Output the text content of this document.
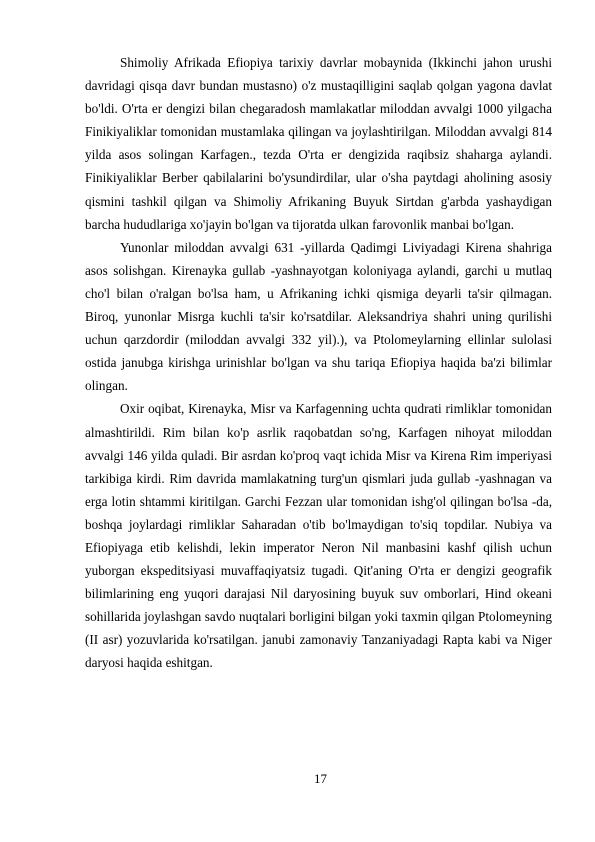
Shimoliy Afrikada Efiopiya tarixiy davrlar mobaynida (Ikkinchi jahon urushi davridagi qisqa davr bundan mustasno) o'z mustaqilligini saqlab qolgan yagona davlat bo'ldi. O'rta er dengizi bilan chegaradosh mamlakatlar miloddan avvalgi 1000 yilgacha Finikiyaliklar tomonidan mustamlaka qilingan va joylashtirilgan. Miloddan avvalgi 814 yilda asos solingan Karfagen., tezda O'rta er dengizida raqibsiz shaharga aylandi. Finikiyaliklar Berber qabilalarini bo'ysundirdilar, ular o'sha paytdagi aholining asosiy qismini tashkil qilgan va Shimoliy Afrikaning Buyuk Sirtdan g'arbda yashaydigan barcha hududlariga xo'jayin bo'lgan va tijoratda ulkan farovonlik manbai bo'lgan.

Yunonlar miloddan avvalgi 631 -yillarda Qadimgi Liviyadagi Kirena shahriga asos solishgan. Kirenayka gullab -yashnayotgan koloniyaga aylandi, garchi u mutlaq cho'l bilan o'ralgan bo'lsa ham, u Afrikaning ichki qismiga deyarli ta'sir qilmagan. Biroq, yunonlar Misrga kuchli ta'sir ko'rsatdilar. Aleksandriya shahri uning qurilishi uchun qarzdordir (miloddan avvalgi 332 yil).), va Ptolomeylarning ellinlar sulolasi ostida janubga kirishga urinishlar bo'lgan va shu tariqa Efiopiya haqida ba'zi bilimlar olingan.

Oxir oqibat, Kirenayka, Misr va Karfagenning uchta qudrati rimliklar tomonidan almashtirildi. Rim bilan ko'p asrlik raqobatdan so'ng, Karfagen nihoyat miloddan avvalgi 146 yilda quladi. Bir asrdan ko'proq vaqt ichida Misr va Kirena Rim imperiyasi tarkibiga kirdi. Rim davrida mamlakatning turg'un qismlari juda gullab -yashnagan va erga lotin shtammi kiritilgan. Garchi Fezzan ular tomonidan ishg'ol qilingan bo'lsa -da, boshqa joylardagi rimliklar Saharadan o'tib bo'lmaydigan to'siq topdilar. Nubiya va Efiopiyaga etib kelishdi, lekin imperator Neron Nil manbasini kashf qilish uchun yuborgan ekspeditsiyasi muvaffaqiyatsiz tugadi. Qit'aning O'rta er dengizi geografik bilimlarining eng yuqori darajasi Nil daryosining buyuk suv omborlari, Hind okeani sohillarida joylashgan savdo nuqtalari borligini bilgan yoki taxmin qilgan Ptolomeyning (II asr) yozuvlarida ko'rsatilgan. janubi zamonaviy Tanzaniyadagi Rapta kabi va Niger daryosi haqida eshitgan.

17
